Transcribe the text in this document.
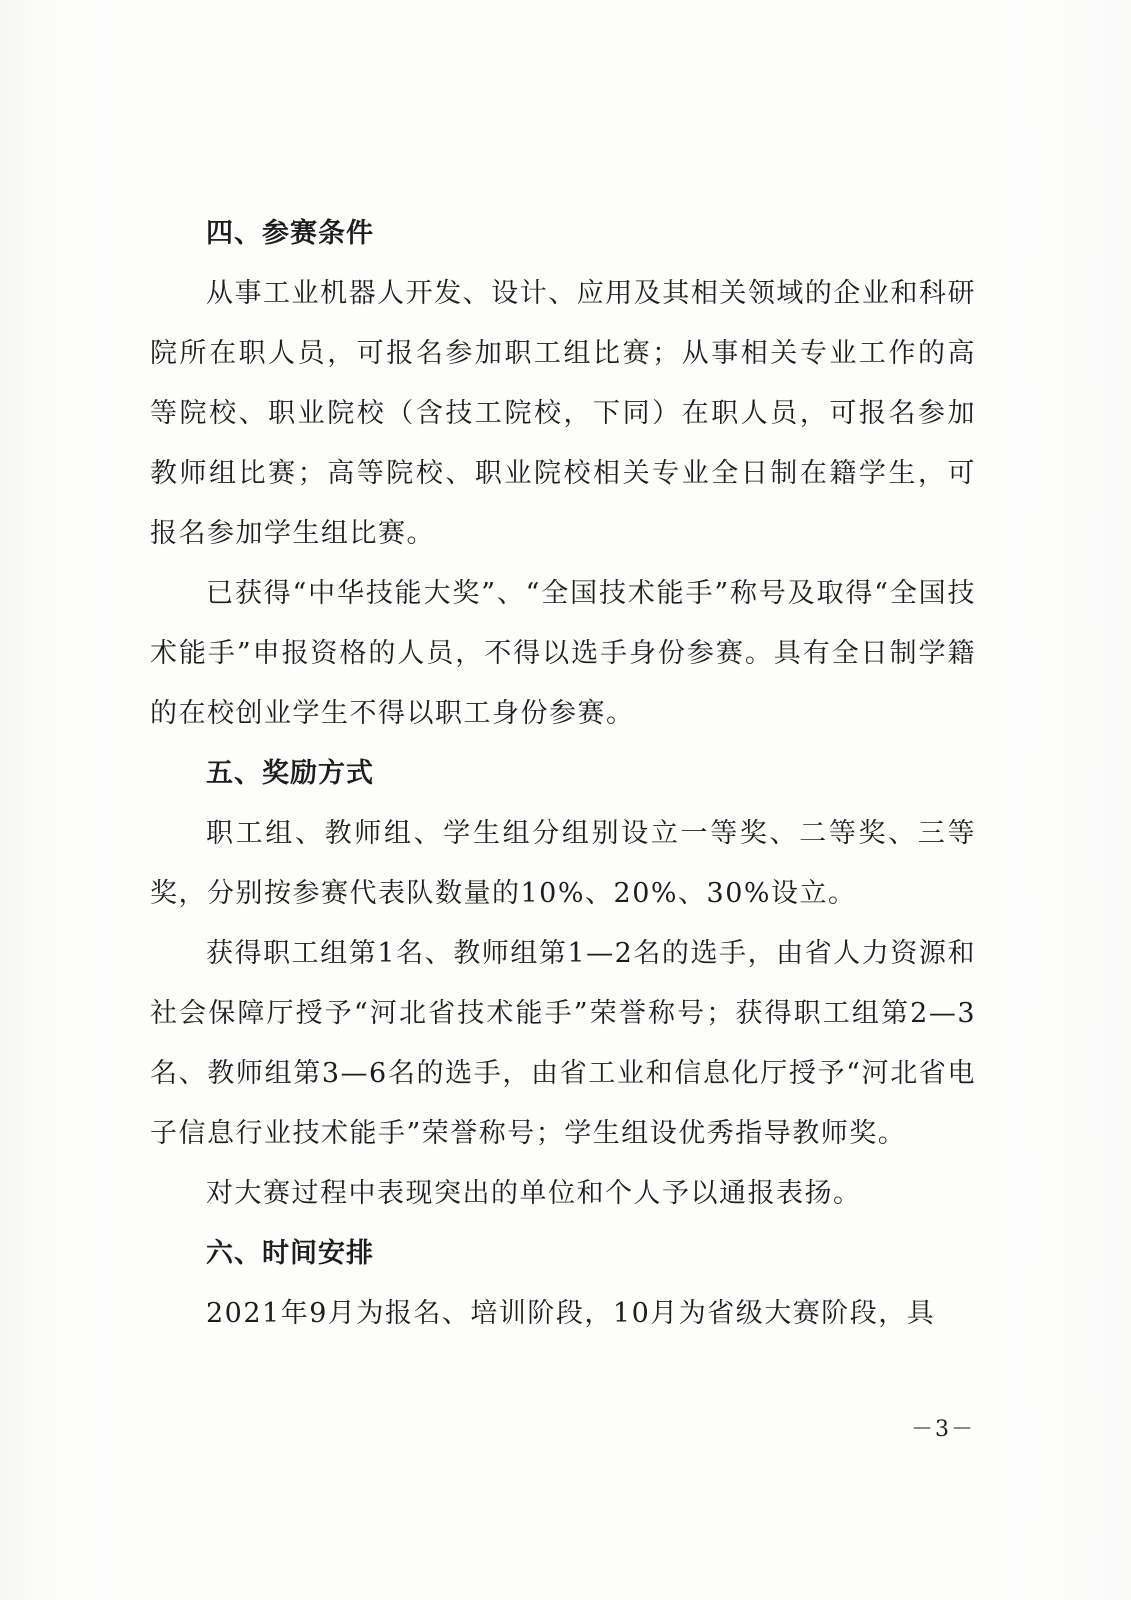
四、参赛条件

从事工业机器人开发、设计、应用及其相关领域的企业和科研院所在职人员，可报名参加职工组比赛；从事相关专业工作的高等院校、职业院校（含技工院校，下同）在职人员，可报名参加教师组比赛；高等院校、职业院校相关专业全日制在籍学生，可报名参加学生组比赛。

已获得“中华技能大奖”、“全国技术能手”称号及取得“全国技术能手”申报资格的人员，不得以选手身份参赛。具有全日制学籍的在校创业学生不得以职工身份参赛。

五、奖励方式

职工组、教师组、学生组分组别设立一等奖、二等奖、三等奖，分别按参赛代表队数量的10%、20%、30%设立。

获得职工组第1名、教师组第1—2名的选手，由省人力资源和社会保障厅授予“河北省技术能手”荣誉称号；获得职工组第2—3名、教师组第3—6名的选手，由省工业和信息化厅授予“河北省电子信息行业技术能手”荣誉称号；学生组设优秀指导教师奖。

对大赛过程中表现突出的单位和个人予以通报表扬。

六、时间安排

2021年9月为报名、培训阶段，10月为省级大赛阶段，具

－3－
